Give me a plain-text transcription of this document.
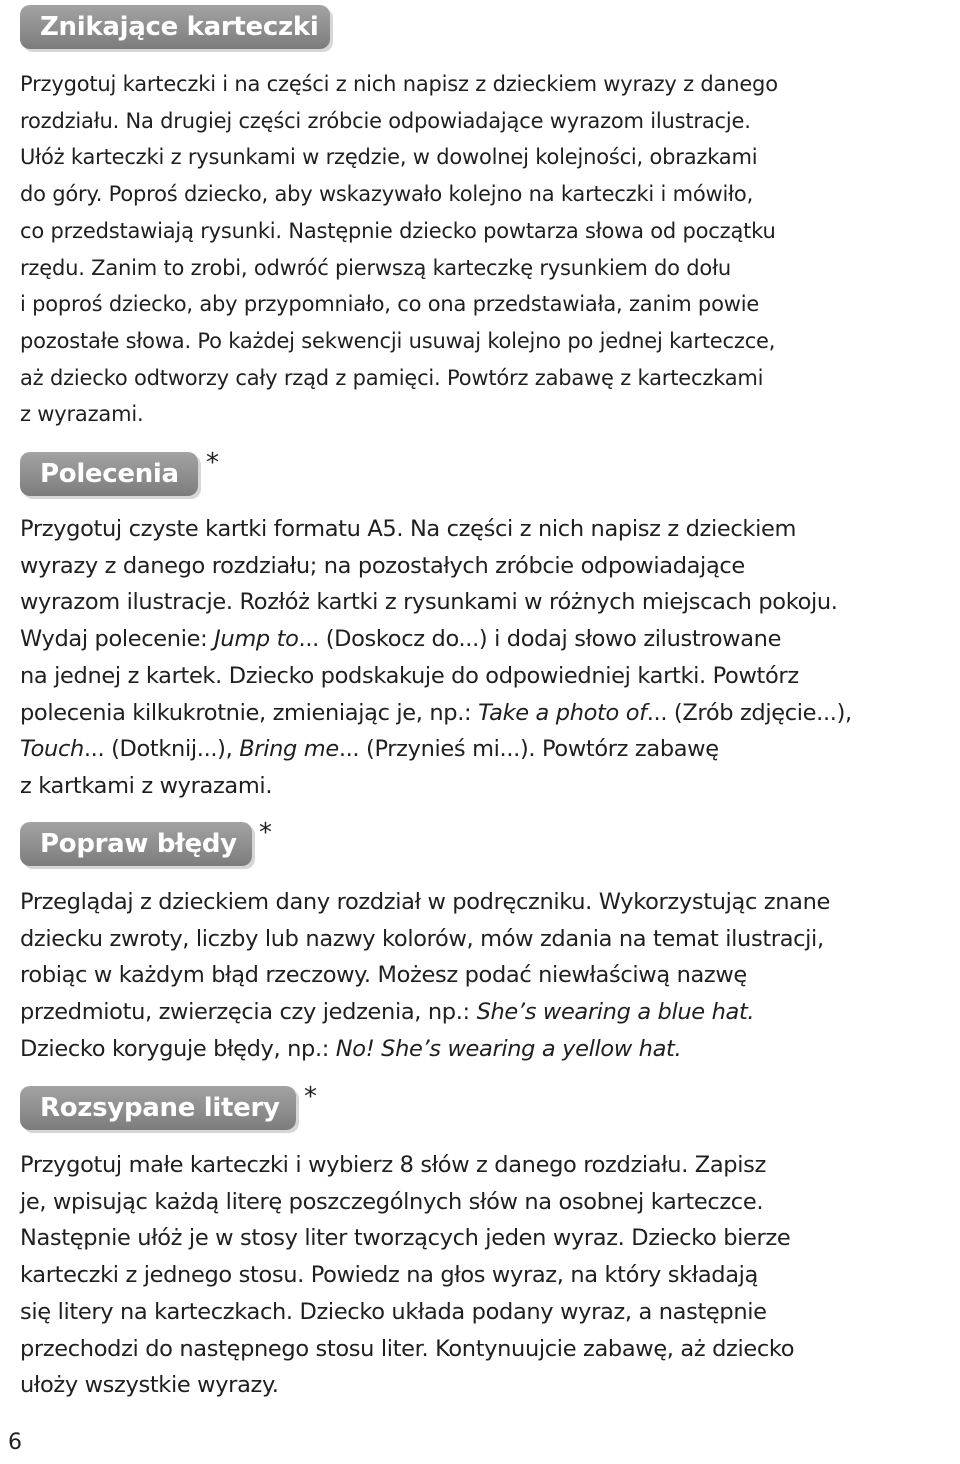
Znikające karteczki

Przygotuj karteczki i na części z nich napisz z dzieckiem wyrazy z danego
rozdziału. Na drugiej części zróbcie odpowiadające wyrazom ilustracje.
Ułóż karteczki z rysunkami w rzędzie, w dowolnej kolejności, obrazkami
do góry. Poproś dziecko, aby wskazywało kolejno na karteczki i mówiło,
co przedstawiają rysunki. Następnie dziecko powtarza słowa od początku
rzędu. Zanim to zrobi, odwróć pierwszą karteczkę rysunkiem do dołu
i poproś dziecko, aby przypomniało, co ona przedstawiała, zanim powie
pozostałe słowa. Po każdej sekwencji usuwaj kolejno po jednej karteczce,
aż dziecko odtworzy cały rząd z pamięci. Powtórz zabawę z karteczkami
z wyrazami.

Polecenia	*

Przygotuj czyste kartki formatu A5. Na części z nich napisz z dzieckiem
wyrazy z danego rozdziału; na pozostałych zróbcie odpowiadające
wyrazom ilustracje. Rozłóż kartki z rysunkami w różnych miejscach pokoju.
Wydaj polecenie: Jump to... (Doskocz do...) i dodaj słowo zilustrowane
na jednej z kartek. Dziecko podskakuje do odpowiedniej kartki. Powtórz
polecenia kilkukrotnie, zmieniając je, np.: Take a photo of... (Zrób zdjęcie...),
Touch... (Dotknij...), Bring me... (Przynieś mi...). Powtórz zabawę
z kartkami z wyrazami.

Popraw błędy *

Przeglądaj z dzieckiem dany rozdział w podręczniku. Wykorzystując znane
dziecku zwroty, liczby lub nazwy kolorów, mów zdania na temat ilustracji,
robiąc w każdym błąd rzeczowy. Możesz podać niewłaściwą nazwę
przedmiotu, zwierzęcia czy jedzenia, np.: She’s wearing a blue hat.
Dziecko koryguje błędy, np.: No! She’s wearing a yellow hat.

Rozsypane litery *

Przygotuj małe karteczki i wybierz 8 słów z danego rozdziału. Zapisz
je, wpisując każdą literę poszczególnych słów na osobnej karteczce.
Następnie ułóż je w stosy liter tworzących jeden wyraz. Dziecko bierze
karteczki z jednego stosu. Powiedz na głos wyraz, na który składają
się litery na karteczkach. Dziecko układa podany wyraz, a następnie
przechodzi do następnego stosu liter. Kontynuujcie zabawę, aż dziecko
ułoży wszystkie wyrazy.

6
